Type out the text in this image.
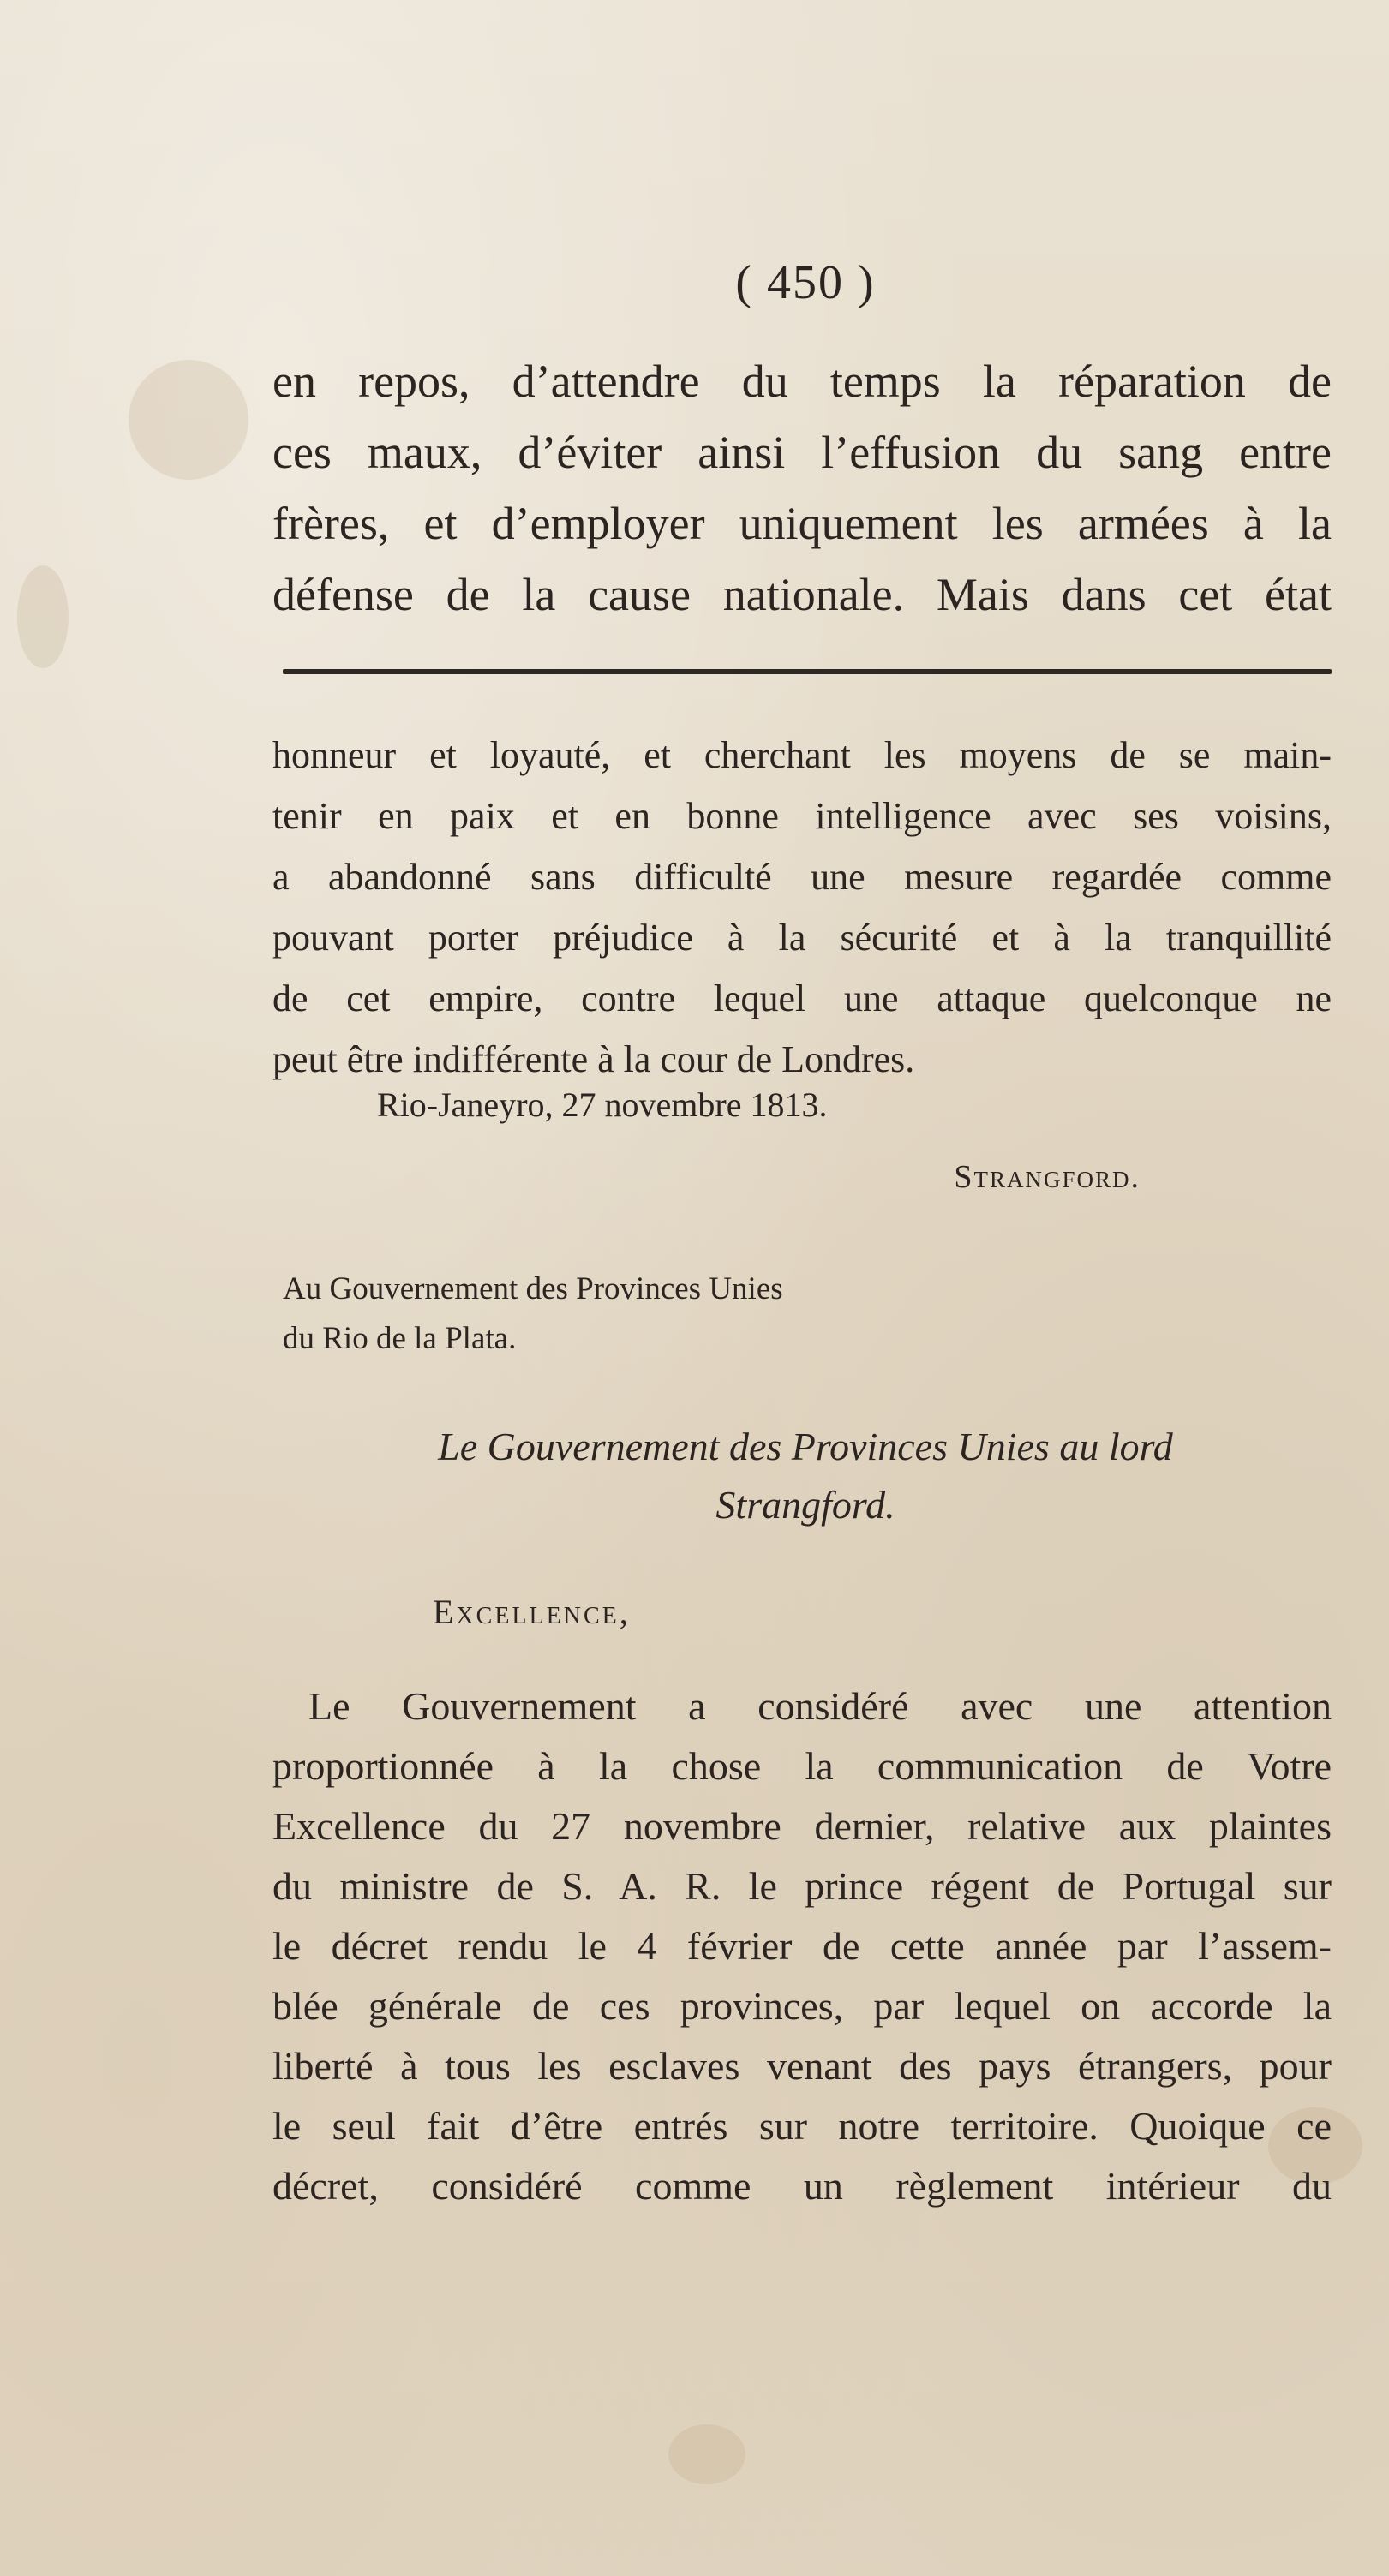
( 450 )
en repos, d’attendre du temps la réparation de
ces maux, d’éviter ainsi l’effusion du sang entre
frères, et d’employer uniquement les armées à la
défense de la cause nationale. Mais dans cet état
honneur et loyauté, et cherchant les moyens de se main-
tenir en paix et en bonne intelligence avec ses voisins,
a abandonné sans difficulté une mesure regardée comme
pouvant porter préjudice à la sécurité et à la tranquillité
de cet empire, contre lequel une attaque quelconque ne
peut être indifférente à la cour de Londres.
Rio-Janeyro, 27 novembre 1813.
Strangford.
Au Gouvernement des Provinces Unies
du Rio de la Plata.
Le Gouvernement des Provinces Unies au lord
Strangford.
Excellence,
Le Gouvernement a considéré avec une attention
proportionnée à la chose la communication de Votre
Excellence du 27 novembre dernier, relative aux plaintes
du ministre de S. A. R. le prince régent de Portugal sur
le décret rendu le 4 février de cette année par l’assem-
blée générale de ces provinces, par lequel on accorde la
liberté à tous les esclaves venant des pays étrangers, pour
le seul fait d’être entrés sur notre territoire. Quoique ce
décret, considéré comme un règlement intérieur du
